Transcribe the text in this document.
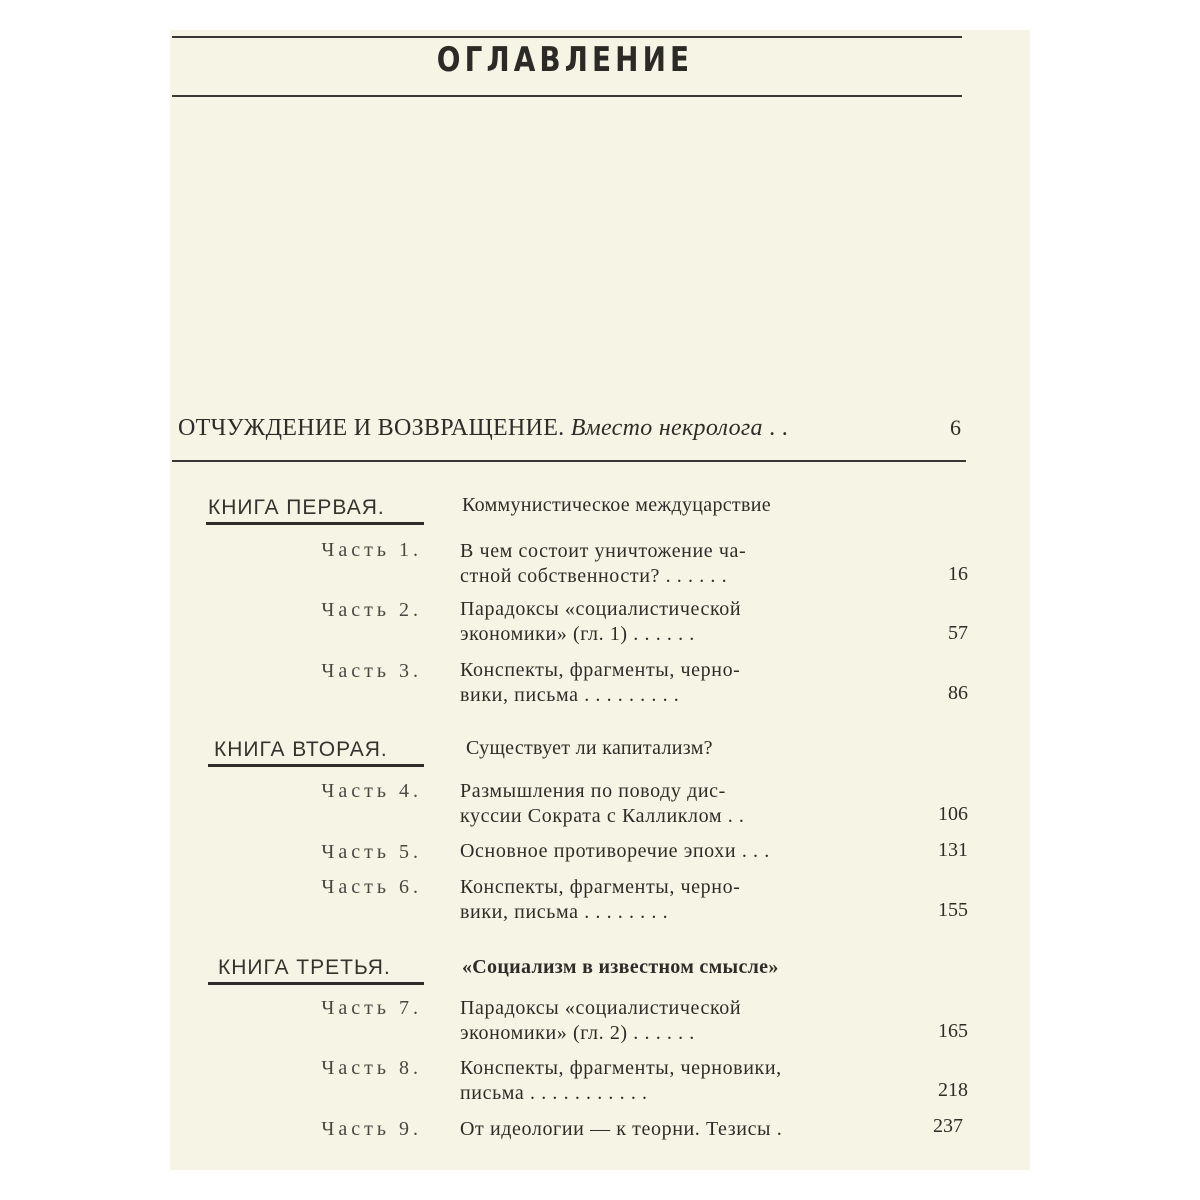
ОГЛАВЛЕНИЕ
ОТЧУЖДЕНИЕ И ВОЗВРАЩЕНИЕ. Вместо некролога . .	6
КНИГА ПЕРВАЯ.	Коммунистическое междуцарствие
Часть 1. В чем состоит уничтожение ча-
стной собственности? . . . . . .	16
Часть 2. Парадоксы «социалистической
экономики» (гл. 1) . . . . . .	57
Часть 3. Конспекты, фрагменты, черно-
вики, письма . . . . . . . . .	86
КНИГА ВТОРАЯ.	Существует ли капитализм?
Часть 4. Размышления по поводу дис-
куссии Сократа с Калликлом . .	106
Часть 5. Основное противоречие эпохи . . .	131
Часть 6. Конспекты, фрагменты, черно-
вики, письма . . . . . . . .	155
КНИГА ТРЕТЬЯ.	«Социализм в известном смысле»
Часть 7. Парадоксы «социалистической
экономики» (гл. 2) . . . . . .	165
Часть 8. Конспекты, фрагменты, черновики,
письма . . . . . . . . . . .	218
Часть 9. От идеологии — к теорни. Тезисы .	237
